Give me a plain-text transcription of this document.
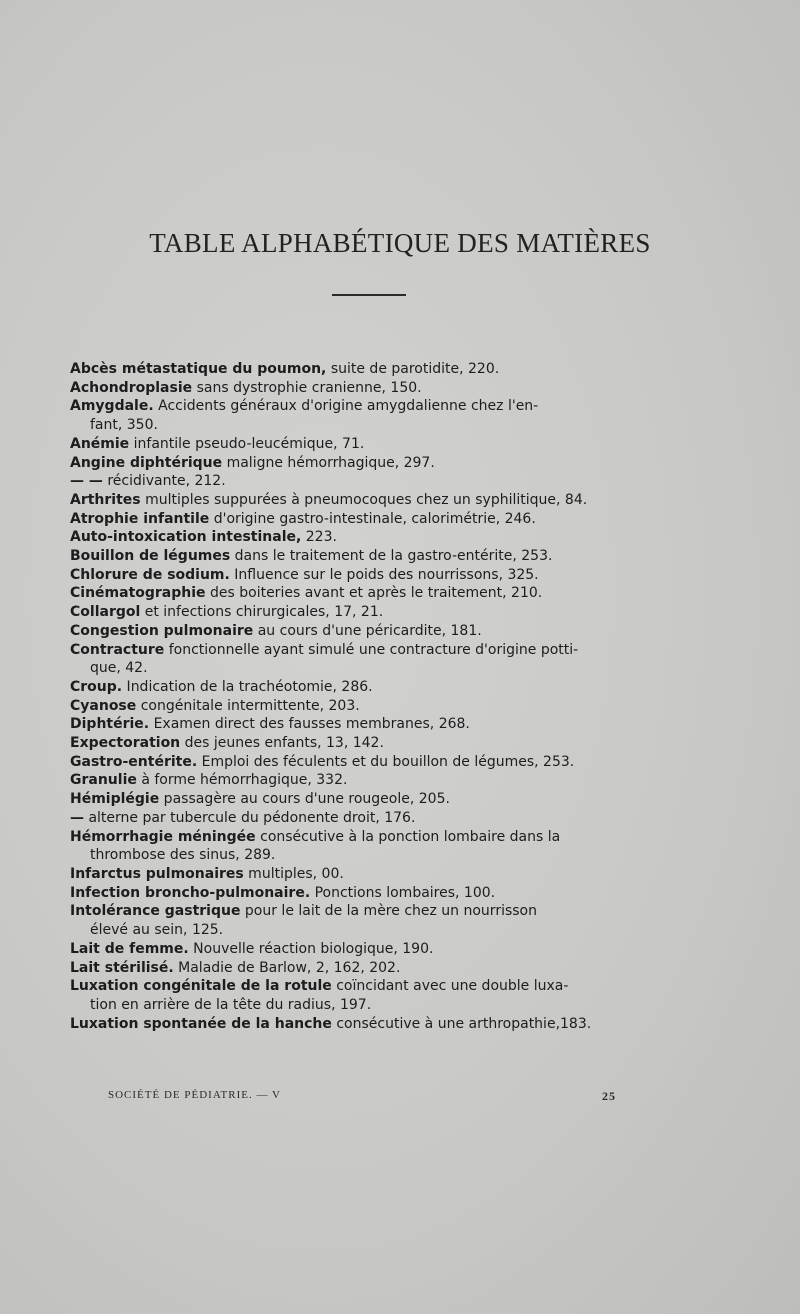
TABLE ALPHABÉTIQUE DES MATIÈRES
Abcès métastatique du poumon, suite de parotidite, 220.
Achondroplasie sans dystrophie cranienne, 150.
Amygdale. Accidents généraux d'origine amygdalienne chez l'en-
fant, 350.
Anémie infantile pseudo-leucémique, 71.
Angine diphtérique maligne hémorrhagique, 297.
— — récidivante, 212.
Arthrites multiples suppurées à pneumocoques chez un syphilitique, 84.
Atrophie infantile d'origine gastro-intestinale, calorimétrie, 246.
Auto-intoxication intestinale, 223.
Bouillon de légumes dans le traitement de la gastro-entérite, 253.
Chlorure de sodium. Influence sur le poids des nourrissons, 325.
Cinématographie des boiteries avant et après le traitement, 210.
Collargol et infections chirurgicales, 17, 21.
Congestion pulmonaire au cours d'une péricardite, 181.
Contracture fonctionnelle ayant simulé une contracture d'origine potti-
que, 42.
Croup. Indication de la trachéotomie, 286.
Cyanose congénitale intermittente, 203.
Diphtérie. Examen direct des fausses membranes, 268.
Expectoration des jeunes enfants, 13, 142.
Gastro-entérite. Emploi des féculents et du bouillon de légumes, 253.
Granulie à forme hémorrhagique, 332.
Hémiplégie passagère au cours d'une rougeole, 205.
— alterne par tubercule du pédonente droit, 176.
Hémorrhagie méningée consécutive à la ponction lombaire dans la
thrombose des sinus, 289.
Infarctus pulmonaires multiples, 00.
Infection broncho-pulmonaire. Ponctions lombaires, 100.
Intolérance gastrique pour le lait de la mère chez un nourrisson
élevé au sein, 125.
Lait de femme. Nouvelle réaction biologique, 190.
Lait stérilisé. Maladie de Barlow, 2, 162, 202.
Luxation congénitale de la rotule coïncidant avec une double luxa-
tion en arrière de la tête du radius, 197.
Luxation spontanée de la hanche consécutive à une arthropathie,183.
SOCIÉTÉ DE PÉDIATRIE. — V	25
